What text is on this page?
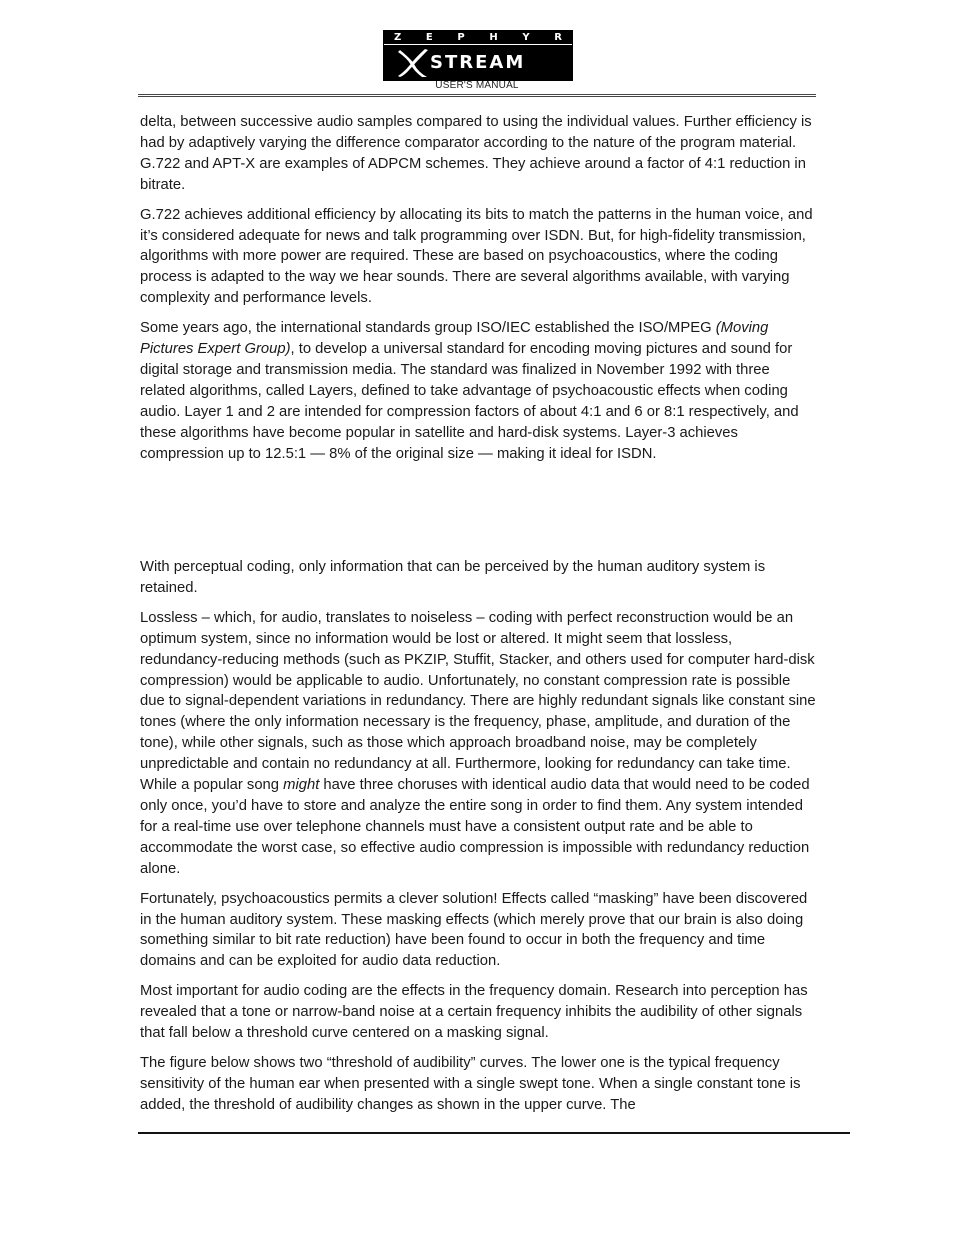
Z E P H Y R
STREAM
USER'S MANUAL

delta, between successive audio samples compared to using the individual values. Further efficiency is had by adaptively varying the difference comparator according to the nature of the program material. G.722 and APT-X are examples of ADPCM schemes. They achieve around a factor of 4:1 reduction in bitrate.

G.722 achieves additional efficiency by allocating its bits to match the patterns in the human voice, and it’s considered adequate for news and talk programming over ISDN. But, for high-fidelity transmission, algorithms with more power are required. These are based on psychoacoustics, where the coding process is adapted to the way we hear sounds. There are several algorithms available, with varying complexity and performance levels.

Some years ago, the international standards group ISO/IEC established the ISO/MPEG (Moving Pictures Expert Group), to develop a universal standard for encoding moving pictures and sound for digital storage and transmission media. The standard was finalized in November 1992 with three related algorithms, called Layers, defined to take advantage of psychoacoustic effects when coding audio. Layer 1 and 2 are intended for compression factors of about 4:1 and 6 or 8:1 respectively, and these algorithms have become popular in satellite and hard-disk systems. Layer-3 achieves compression up to 12.5:1 — 8% of the original size — making it ideal for ISDN.

With perceptual coding, only information that can be perceived by the human auditory system is retained.

Lossless – which, for audio, translates to noiseless – coding with perfect reconstruction would be an optimum system, since no information would be lost or altered. It might seem that lossless, redundancy-reducing methods (such as PKZIP, Stuffit, Stacker, and others used for computer hard-disk compression) would be applicable to audio. Unfortunately, no constant compression rate is possible due to signal-dependent variations in redundancy. There are highly redundant signals like constant sine tones (where the only information necessary is the frequency, phase, amplitude, and duration of the tone), while other signals, such as those which approach broadband noise, may be completely unpredictable and contain no redundancy at all. Furthermore, looking for redundancy can take time. While a popular song might have three choruses with identical audio data that would need to be coded only once, you’d have to store and analyze the entire song in order to find them. Any system intended for a real-time use over telephone channels must have a consistent output rate and be able to accommodate the worst case, so effective audio compression is impossible with redundancy reduction alone.

Fortunately, psychoacoustics permits a clever solution! Effects called “masking” have been discovered in the human auditory system. These masking effects (which merely prove that our brain is also doing something similar to bit rate reduction) have been found to occur in both the frequency and time domains and can be exploited for audio data reduction.

Most important for audio coding are the effects in the frequency domain. Research into perception has revealed that a tone or narrow-band noise at a certain frequency inhibits the audibility of other signals that fall below a threshold curve centered on a masking signal.

The figure below shows two “threshold of audibility” curves. The lower one is the typical frequency sensitivity of the human ear when presented with a single swept tone. When a single constant tone is added, the threshold of audibility changes as shown in the upper curve. The
